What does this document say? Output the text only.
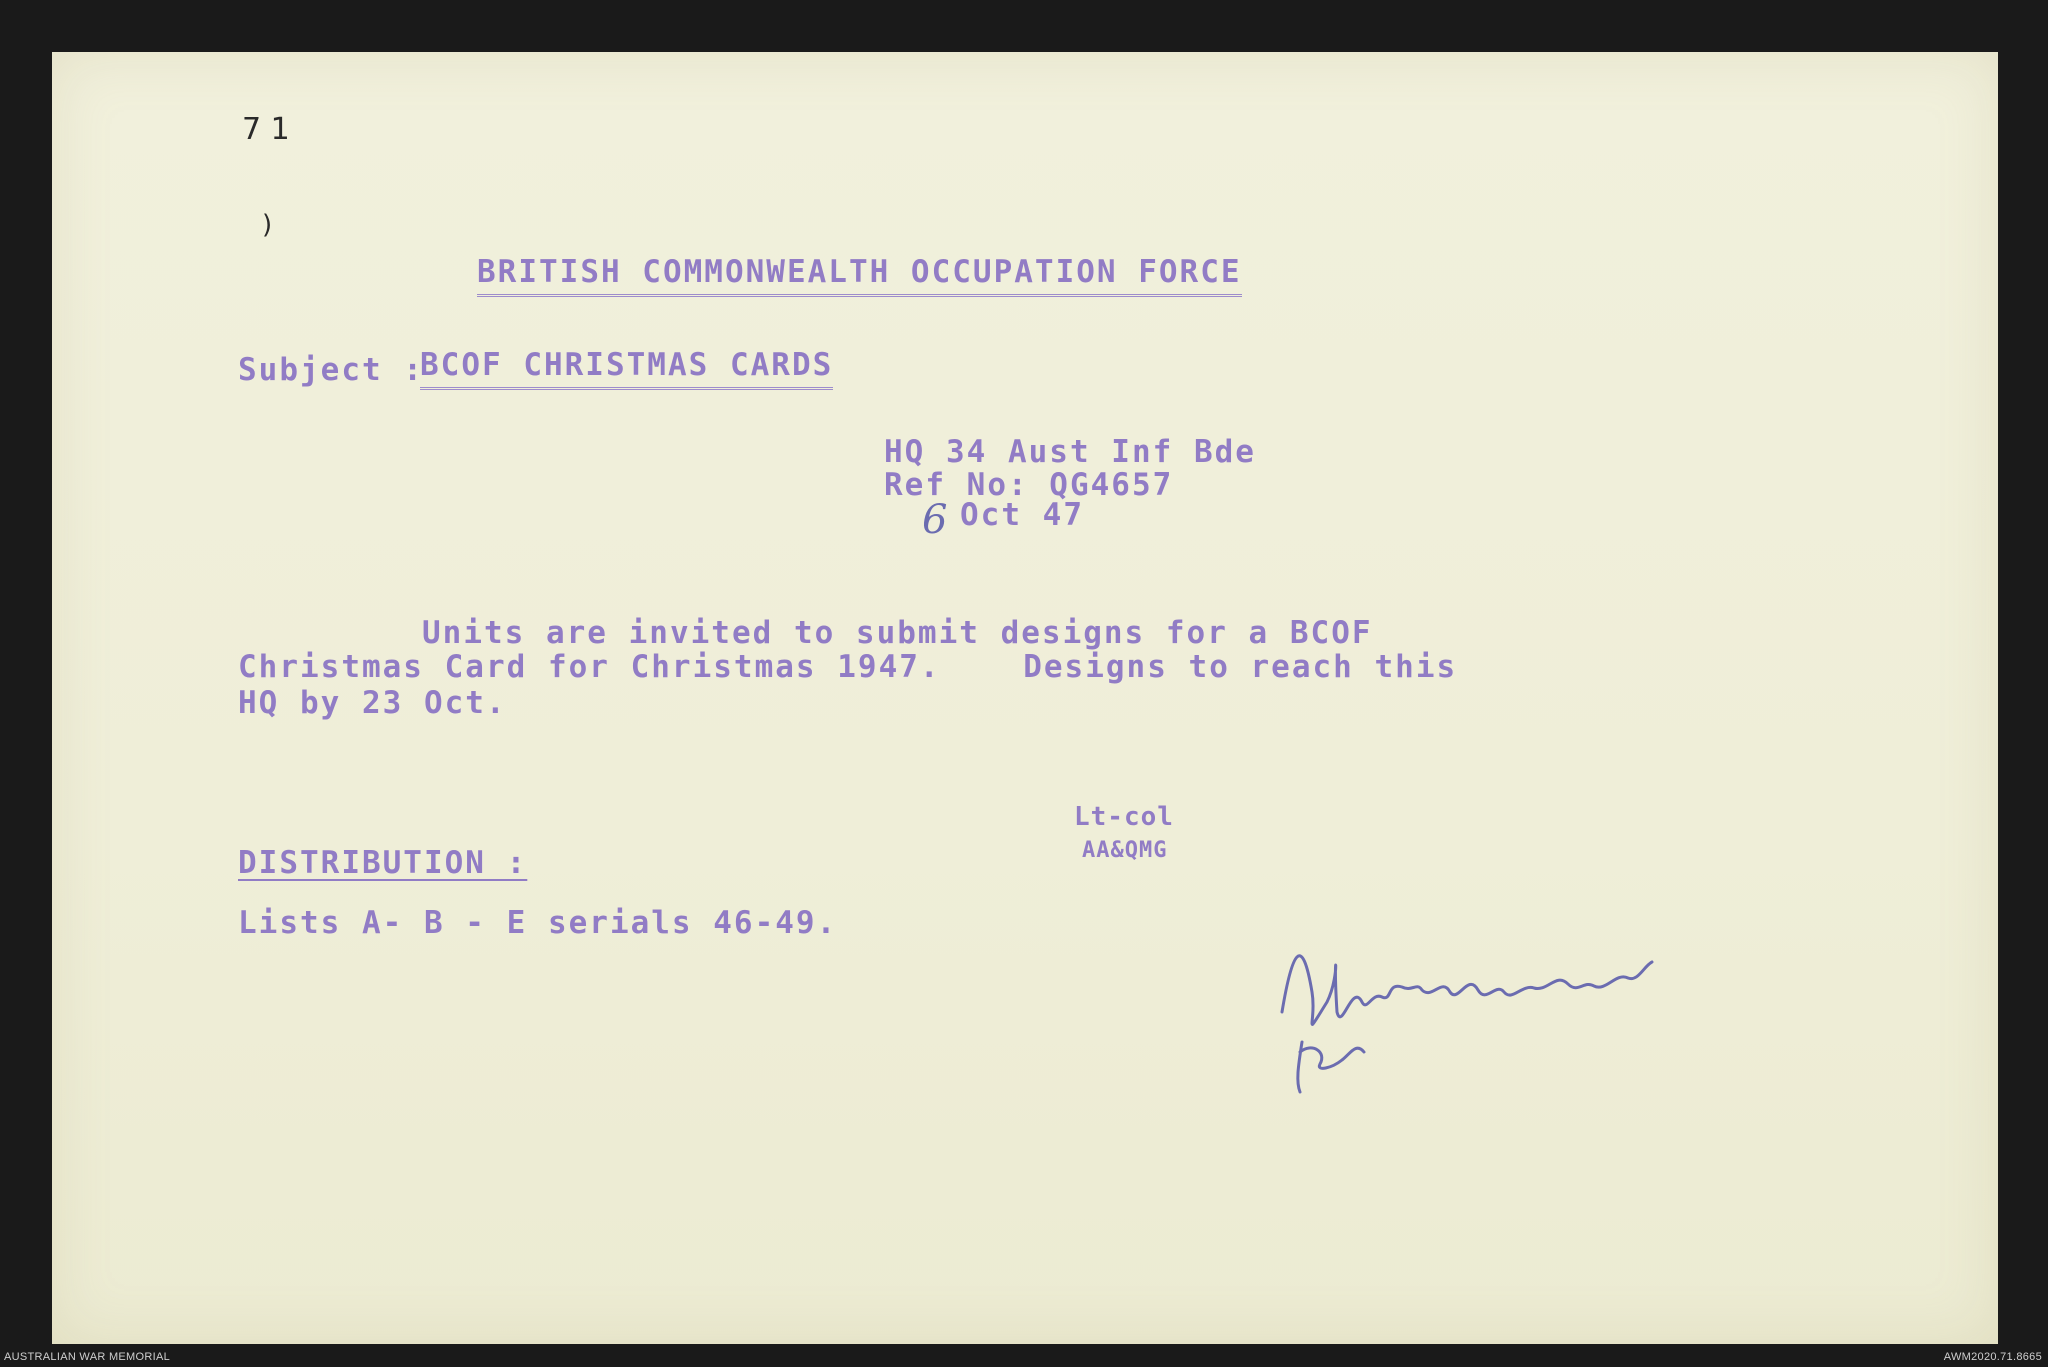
7 1
)
BRITISH COMMONWEALTH OCCUPATION FORCE
Subject :
BCOF CHRISTMAS CARDS
HQ 34 Aust Inf Bde
Ref No: QG4657
6 Oct 47
Units are invited to submit designs for a BCOF
Christmas Card for Christmas 1947.    Designs to reach this
HQ by 23 Oct.
Lt-col
AA&QMG
DISTRIBUTION :
Lists A- B - E serials 46-49.
AUSTRALIAN WAR MEMORIAL	AWM2020.71.8665
